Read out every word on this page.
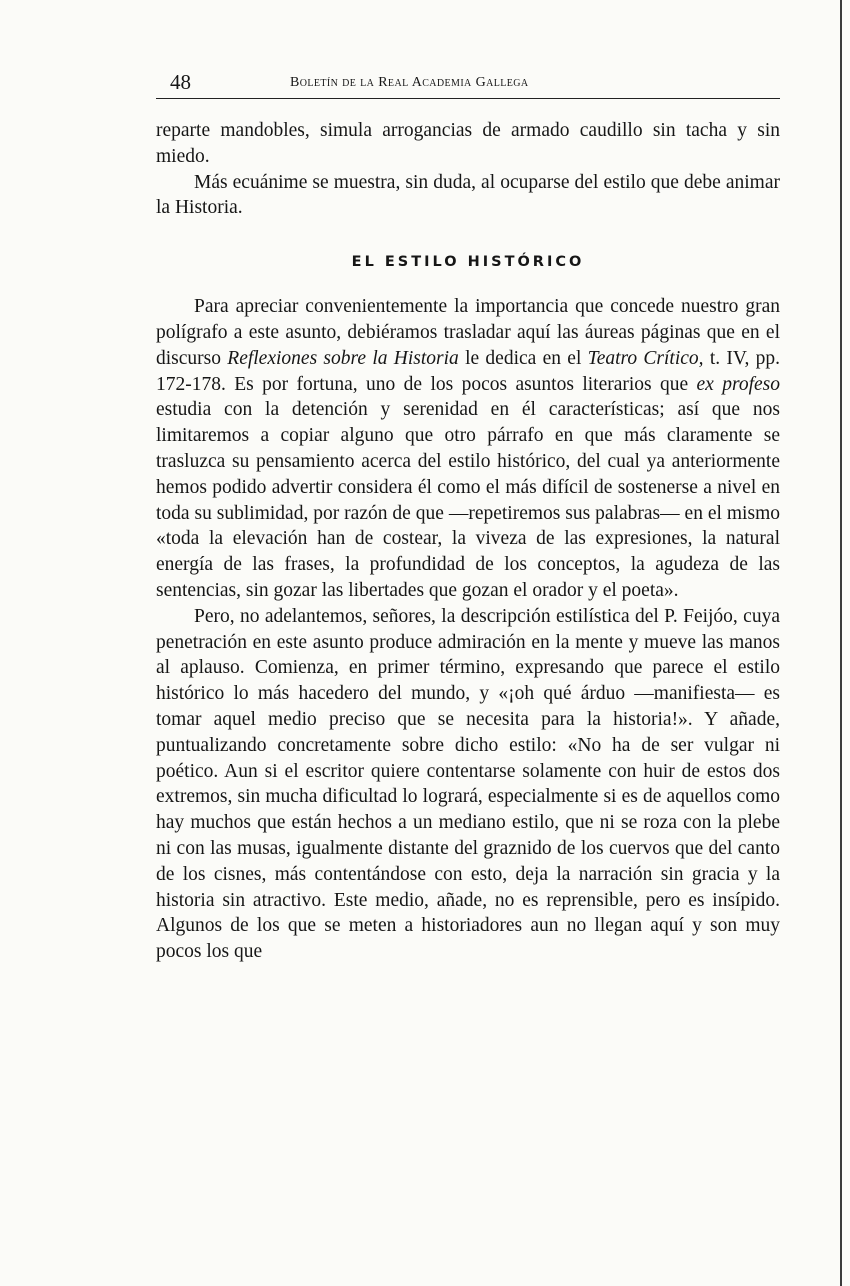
48	Boletín de la Real Academia Gallega

reparte mandobles, simula arrogancias de armado caudillo sin tacha y sin miedo.

Más ecuánime se muestra, sin duda, al ocuparse del estilo que debe animar la Historia.

EL ESTILO HISTÓRICO

Para apreciar convenientemente la importancia que concede nuestro gran polígrafo a este asunto, debiéramos trasladar aquí las áureas páginas que en el discurso Reflexiones sobre la Historia le dedica en el Teatro Crítico, t. IV, pp. 172-178. Es por fortuna, uno de los pocos asuntos literarios que ex profeso estudia con la detención y serenidad en él características; así que nos limitaremos a copiar alguno que otro párrafo en que más claramente se trasluzca su pensamiento acerca del estilo histórico, del cual ya anteriormente hemos podido advertir considera él como el más difícil de sostenerse a nivel en toda su sublimidad, por razón de que —repetiremos sus palabras— en el mismo «toda la elevación han de costear, la viveza de las expresiones, la natural energía de las frases, la profundidad de los conceptos, la agudeza de las sentencias, sin gozar las libertades que gozan el orador y el poeta».

Pero, no adelantemos, señores, la descripción estilística del P. Feijóo, cuya penetración en este asunto produce admiración en la mente y mueve las manos al aplauso. Comienza, en primer término, expresando que parece el estilo histórico lo más hacedero del mundo, y «¡oh qué árduo —manifiesta— es tomar aquel medio preciso que se necesita para la historia!». Y añade, puntualizando concretamente sobre dicho estilo: «No ha de ser vulgar ni poético. Aun si el escritor quiere contentarse solamente con huir de estos dos extremos, sin mucha dificultad lo logrará, especialmente si es de aquellos como hay muchos que están hechos a un mediano estilo, que ni se roza con la plebe ni con las musas, igualmente distante del graznido de los cuervos que del canto de los cisnes, más contentándose con esto, deja la narración sin gracia y la historia sin atractivo. Este medio, añade, no es reprensible, pero es insípido. Algunos de los que se meten a historiadores aun no llegan aquí y son muy pocos los que
